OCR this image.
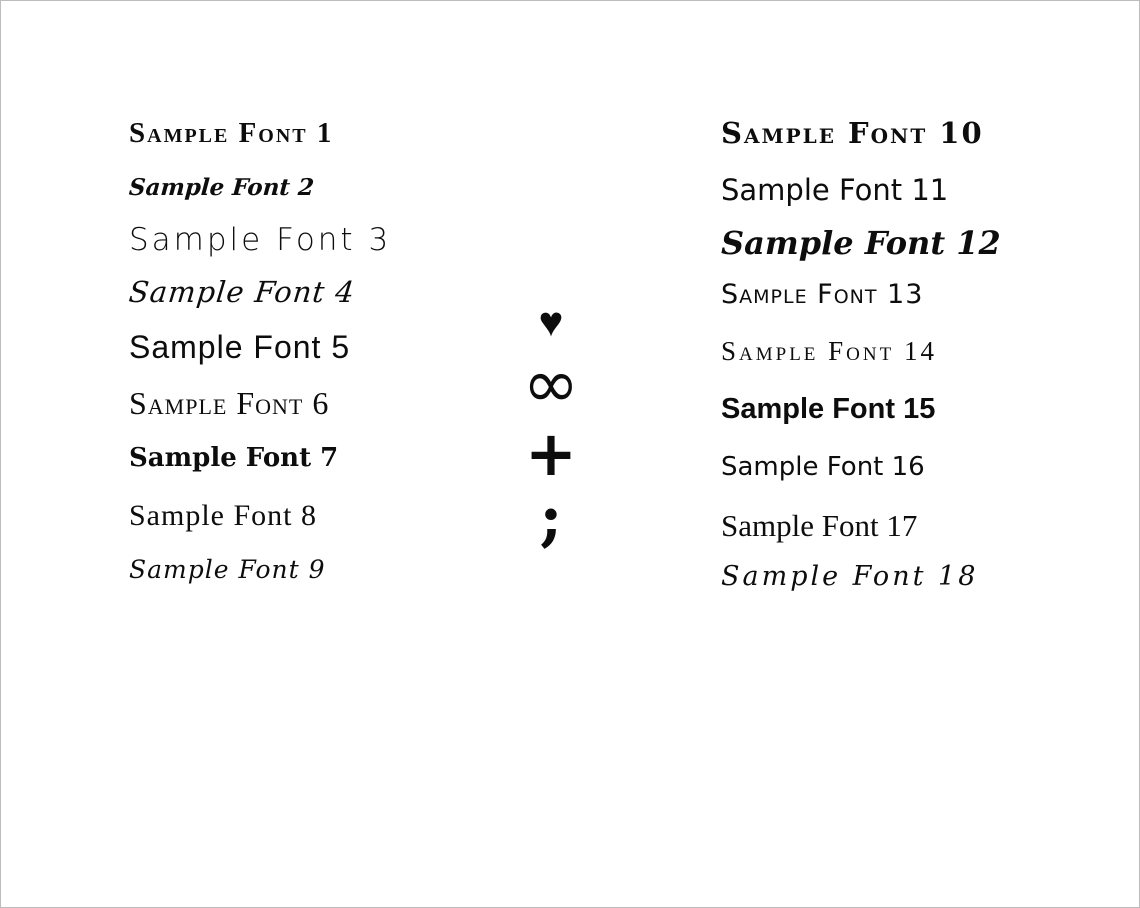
Sample Font 1
Sample Font 2
Sample Font 3
Sample Font 4
Sample Font 5
Sample Font 6
Sample Font 7
Sample Font 8
Sample Font 9
♥
∞
+
;
Sample Font 10
Sample Font 11
Sample Font 12
Sample Font 13
Sample Font 14
Sample Font 15
Sample Font 16
Sample Font 17
Sample Font 18
